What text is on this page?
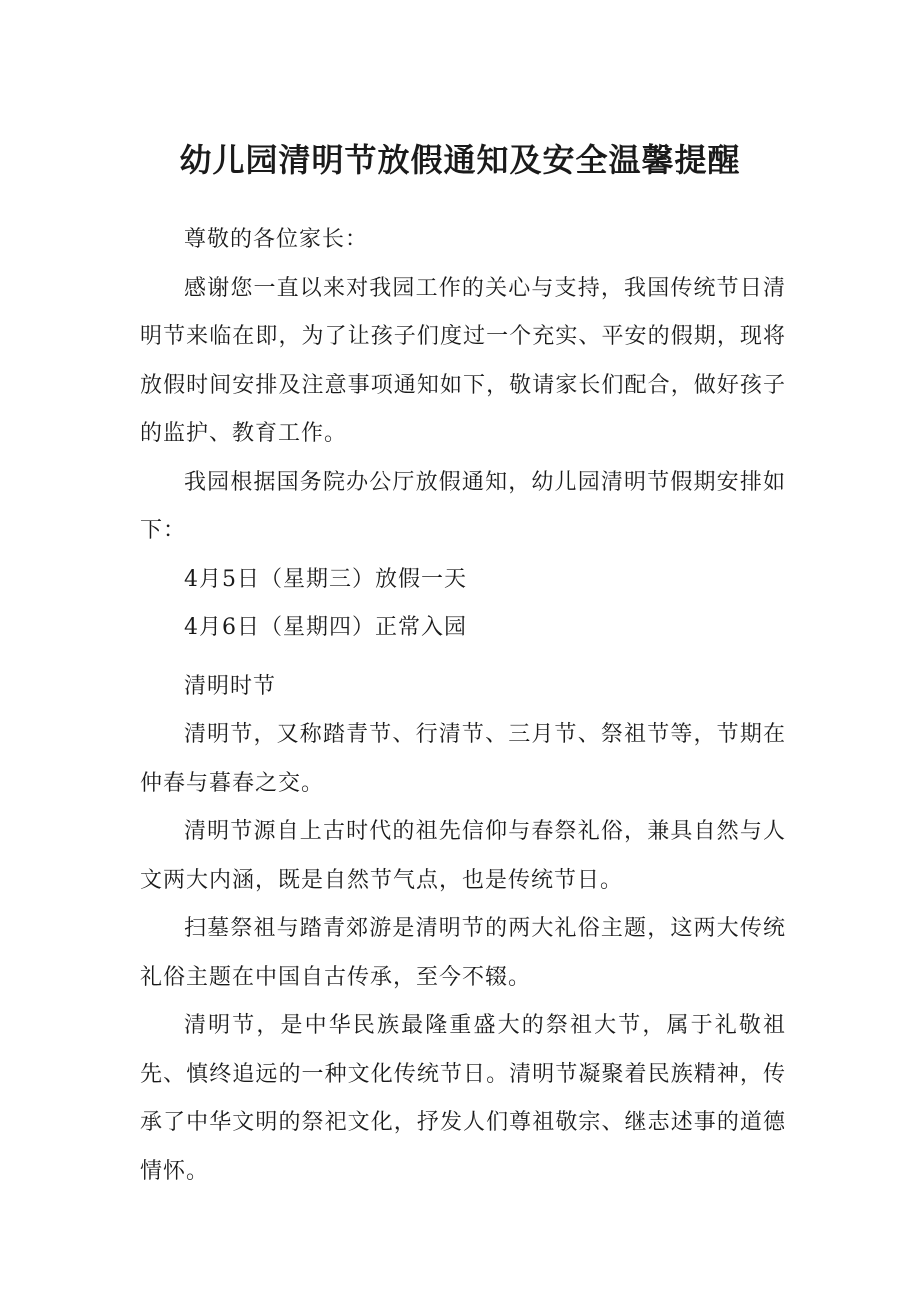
幼儿园清明节放假通知及安全温馨提醒

尊敬的各位家长：

感谢您一直以来对我园工作的关心与支持，我国传统节日清明节来临在即，为了让孩子们度过一个充实、平安的假期，现将放假时间安排及注意事项通知如下，敬请家长们配合，做好孩子的监护、教育工作。

我园根据国务院办公厅放假通知，幼儿园清明节假期安排如下：

4月5日（星期三）放假一天

4月6日（星期四）正常入园

清明时节

清明节，又称踏青节、行清节、三月节、祭祖节等，节期在仲春与暮春之交。

清明节源自上古时代的祖先信仰与春祭礼俗，兼具自然与人文两大内涵，既是自然节气点，也是传统节日。

扫墓祭祖与踏青郊游是清明节的两大礼俗主题，这两大传统礼俗主题在中国自古传承，至今不辍。

清明节，是中华民族最隆重盛大的祭祖大节，属于礼敬祖先、慎终追远的一种文化传统节日。清明节凝聚着民族精神，传承了中华文明的祭祀文化，抒发人们尊祖敬宗、继志述事的道德情怀。
